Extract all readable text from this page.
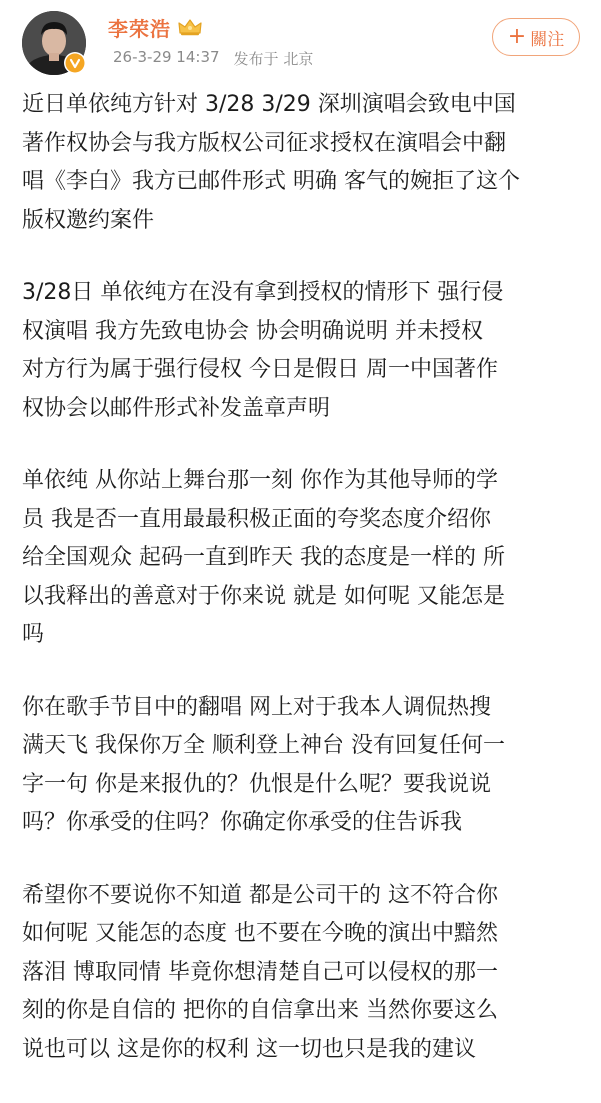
李荣浩
26-3-29 14:37 发布于 北京
+ 關注
近日单依纯方针对 3/28 3/29 深圳演唱会致电中国
著作权协会与我方版权公司征求授权在演唱会中翻
唱《李白》我方已邮件形式 明确 客气的婉拒了这个
版权邀约案件
3/28日 单依纯方在没有拿到授权的情形下 强行侵
权演唱 我方先致电协会 协会明确说明 并未授权
对方行为属于强行侵权 今日是假日 周一中国著作
权协会以邮件形式补发盖章声明
单依纯 从你站上舞台那一刻 你作为其他导师的学
员 我是否一直用最最积极正面的夸奖态度介绍你
给全国观众 起码一直到昨天 我的态度是一样的 所
以我释出的善意对于你来说 就是 如何呢 又能怎是
吗
你在歌手节目中的翻唱 网上对于我本人调侃热搜
满天飞 我保你万全 顺利登上神台 没有回复任何一
字一句 你是来报仇的？仇恨是什么呢？要我说说
吗？你承受的住吗？你确定你承受的住告诉我
希望你不要说你不知道 都是公司干的 这不符合你
如何呢 又能怎的态度 也不要在今晚的演出中黯然
落泪 博取同情 毕竟你想清楚自己可以侵权的那一
刻的你是自信的 把你的自信拿出来 当然你要这么
说也可以 这是你的权利 这一切也只是我的建议
